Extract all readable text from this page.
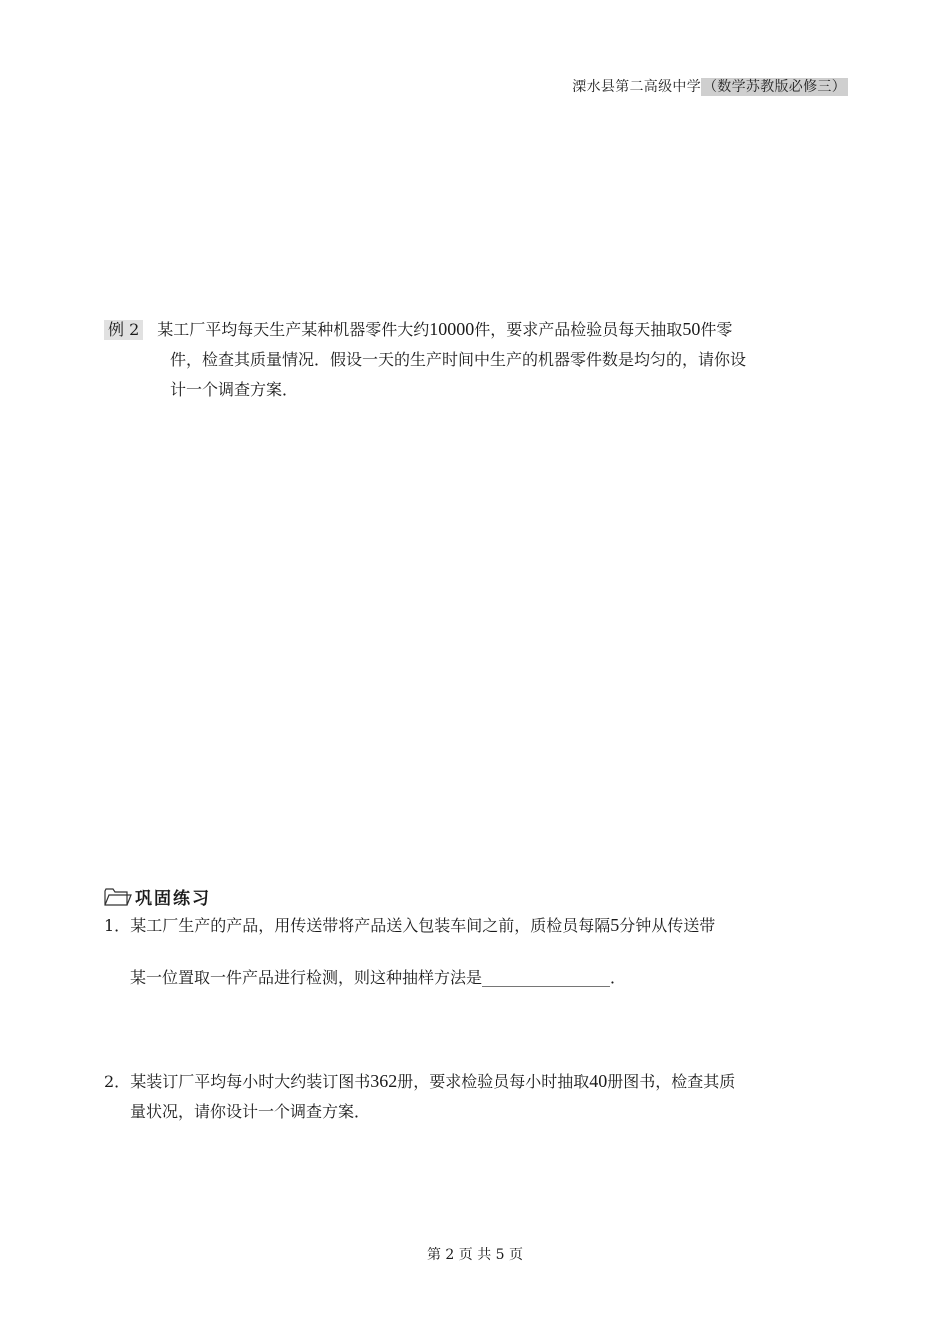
溧水县第二高级中学 （数学苏教版必修三）
例 2 某工厂平均每天生产某种机器零件大约10000件，要求产品检验员每天抽取50件零
件，检查其质量情况．假设一天的生产时间中生产的机器零件数是均匀的，请你设
计一个调查方案．
巩固练习
1．某工厂生产的产品，用传送带将产品送入包装车间之前，质检员每隔5分钟从传送带
某一位置取一件产品进行检测，则这种抽样方法是________________．
2．某装订厂平均每小时大约装订图书362册，要求检验员每小时抽取40册图书，检查其质
量状况，请你设计一个调查方案．
第 2 页 共 5 页
